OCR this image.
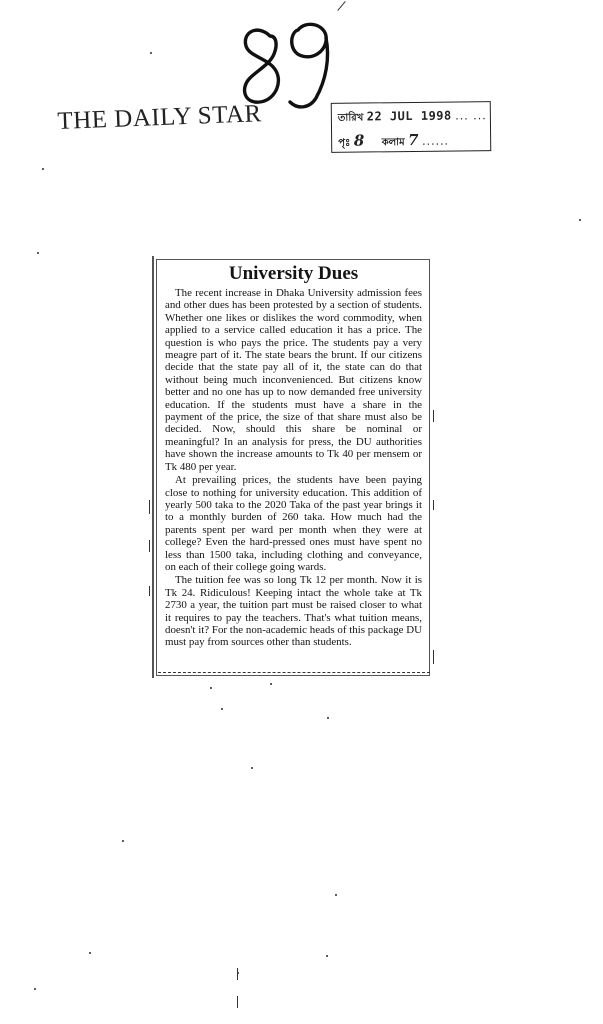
THE DAILY STAR	তারিখ 22 JUL 1998 ... ...
পৃঃ 8 কলাম 7 ......
University Dues

The recent increase in Dhaka University admission fees and other dues has been protested by a section of students. Whether one likes or dislikes the word commodity, when applied to a service called education it has a price. The question is who pays the price. The students pay a very meagre part of it. The state bears the brunt. If our citizens decide that the state pay all of it, the state can do that without being much inconvenienced. But citizens know better and no one has up to now demanded free university education. If the students must have a share in the payment of the price, the size of that share must also be decided. Now, should this share be nominal or meaningful? In an analysis for press, the DU authorities have shown the increase amounts to Tk 40 per mensem or Tk 480 per year.

At prevailing prices, the students have been paying close to nothing for university education. This addition of yearly 500 taka to the 2020 Taka of the past year brings it to a monthly burden of 260 taka. How much had the parents spent per ward per month when they were at college? Even the hard-pressed ones must have spent no less than 1500 taka, including clothing and conveyance, on each of their college going wards.

The tuition fee was so long Tk 12 per month. Now it is Tk 24. Ridiculous! Keeping intact the whole take at Tk 2730 a year, the tuition part must be raised closer to what it requires to pay the teachers. That's what tuition means, doesn't it? For the non-academic heads of this package DU must pay from sources other than students.
